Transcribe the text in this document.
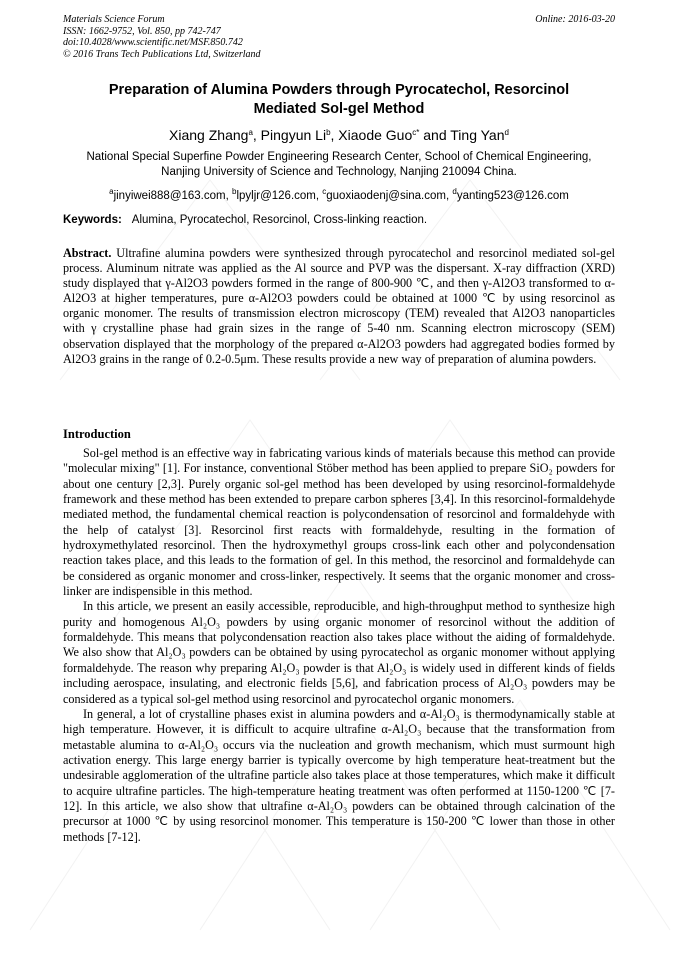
Materials Science Forum
ISSN: 1662-9752, Vol. 850, pp 742-747
doi:10.4028/www.scientific.net/MSF.850.742
© 2016 Trans Tech Publications Ltd, Switzerland
Online: 2016-03-20
Preparation of Alumina Powders through Pyrocatechol, Resorcinol
Mediated Sol-gel Method
Xiang Zhang$^a$, Pingyun Li$^b$, Xiaode Guo$^{c*}$ and Ting Yan$^d$
National Special Superfine Powder Engineering Research Center, School of Chemical Engineering,
Nanjing University of Science and Technology, Nanjing 210094 China.
$^a$jinyiwei888@163.com, $^b$lpyljr@126.com, $^c$guoxiaodenj@sina.com, $^d$yanting523@126.com
Keywords: Alumina, Pyrocatechol, Resorcinol, Cross-linking reaction.
Abstract. Ultrafine alumina powders were synthesized through pyrocatechol and resorcinol mediated sol-gel process. Aluminum nitrate was applied as the Al source and PVP was the dispersant. X-ray diffraction (XRD) study displayed that γ-Al2O3 powders formed in the range of 800-900 ℃, and then γ-Al2O3 transformed to α-Al2O3 at higher temperatures, pure α-Al2O3 powders could be obtained at 1000 ℃ by using resorcinol as organic monomer. The results of transmission electron microscopy (TEM) revealed that Al2O3 nanoparticles with γ crystalline phase had grain sizes in the range of 5-40 nm. Scanning electron microscopy (SEM) observation displayed that the morphology of the prepared α-Al2O3 powders had aggregated bodies formed by Al2O3 grains in the range of 0.2-0.5μm. These results provide a new way of preparation of alumina powders.
Introduction

Sol-gel method is an effective way in fabricating various kinds of materials because this method can provide "molecular mixing" [1]. For instance, conventional Stöber method has been applied to prepare SiO₂ powders for about one century [2,3]. Purely organic sol-gel method has been developed by using resorcinol-formaldehyde framework and these method has been extended to prepare carbon spheres [3,4]. In this resorcinol-formaldehyde mediated method, the fundamental chemical reaction is polycondensation of resorcinol and formaldehyde with the help of catalyst [3]. Resorcinol first reacts with formaldehyde, resulting in the formation of hydroxymethylated resorcinol. Then the hydroxymethyl groups cross-link each other and polycondensation reaction takes place, and this leads to the formation of gel. In this method, the resorcinol and formaldehyde can be considered as organic monomer and cross-linker, respectively. It seems that the organic monomer and cross-linker are indispensible in this method.

In this article, we present an easily accessible, reproducible, and high-throughput method to synthesize high purity and homogenous Al₂O₃ powders by using organic monomer of resorcinol without the addition of formaldehyde. This means that polycondensation reaction also takes place without the aiding of formaldehyde. We also show that Al₂O₃ powders can be obtained by using pyrocatechol as organic monomer without applying formaldehyde. The reason why preparing Al₂O₃ powder is that Al₂O₃ is widely used in different kinds of fields including aerospace, insulating, and electronic fields [5,6], and fabrication process of Al₂O₃ powders may be considered as a typical sol-gel method using resorcinol and pyrocatechol organic monomers.

In general, a lot of crystalline phases exist in alumina powders and α-Al₂O₃ is thermodynamically stable at high temperature. However, it is difficult to acquire ultrafine α-Al₂O₃ because that the transformation from metastable alumina to α-Al₂O₃ occurs via the nucleation and growth mechanism, which must surmount high activation energy. This large energy barrier is typically overcome by high temperature heat-treatment but the undesirable agglomeration of the ultrafine particle also takes place at those temperatures, which make it difficult to acquire ultrafine particles. The high-temperature heating treatment was often performed at 1150-1200 ℃ [7-12]. In this article, we also show that ultrafine α-Al₂O₃ powders can be obtained through calcination of the precursor at 1000 ℃ by using resorcinol monomer. This temperature is 150-200 ℃ lower than those in other methods [7-12].
